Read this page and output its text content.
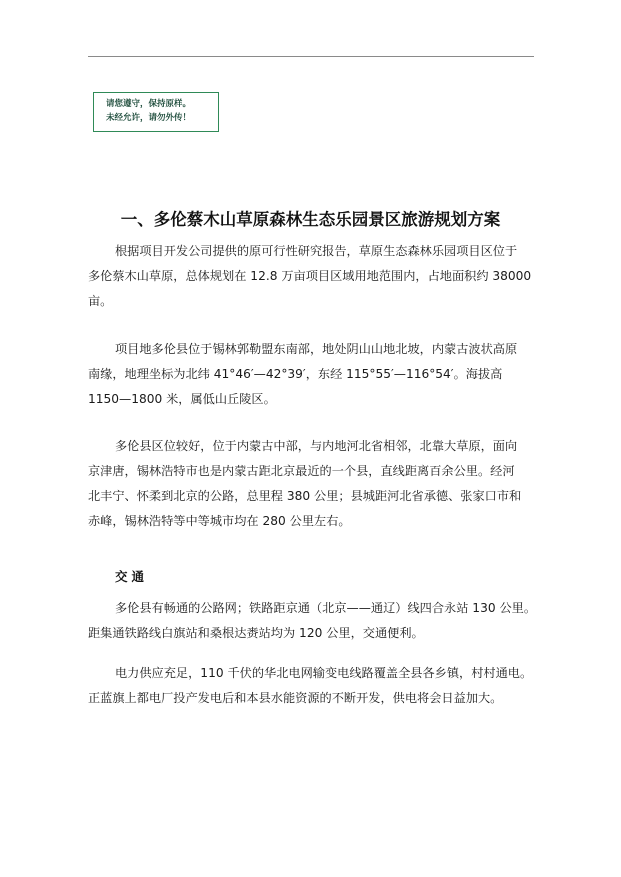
请您遵守，保持原样。
未经允许，请勿外传！
一、多伦蔡木山草原森林生态乐园景区旅游规划方案
根据项目开发公司提供的原可行性研究报告，草原生态森林乐园项目区位于
多伦蔡木山草原，总体规划在 12.8 万亩项目区域用地范围内，占地面积约 38000
亩。
项目地多伦县位于锡林郭勒盟东南部，地处阴山山地北坡，内蒙古波状高原
南缘，地理坐标为北纬 41°46′—42°39′，东经 115°55′—116°54′。海拔高
1150—1800 米，属低山丘陵区。
多伦县区位较好，位于内蒙古中部，与内地河北省相邻，北靠大草原，面向
京津唐，锡林浩特市也是内蒙古距北京最近的一个县，直线距离百余公里。经河
北丰宁、怀柔到北京的公路，总里程 380 公里；县城距河北省承德、张家口市和
赤峰，锡林浩特等中等城市均在 280 公里左右。
交通
多伦县有畅通的公路网；铁路距京通（北京——通辽）线四合永站 130 公里。
距集通铁路线白旗站和桑根达赉站均为 120 公里，交通便利。
电力供应充足，110 千伏的华北电网输变电线路覆盖全县各乡镇，村村通电。
正蓝旗上都电厂投产发电后和本县水能资源的不断开发，供电将会日益加大。
